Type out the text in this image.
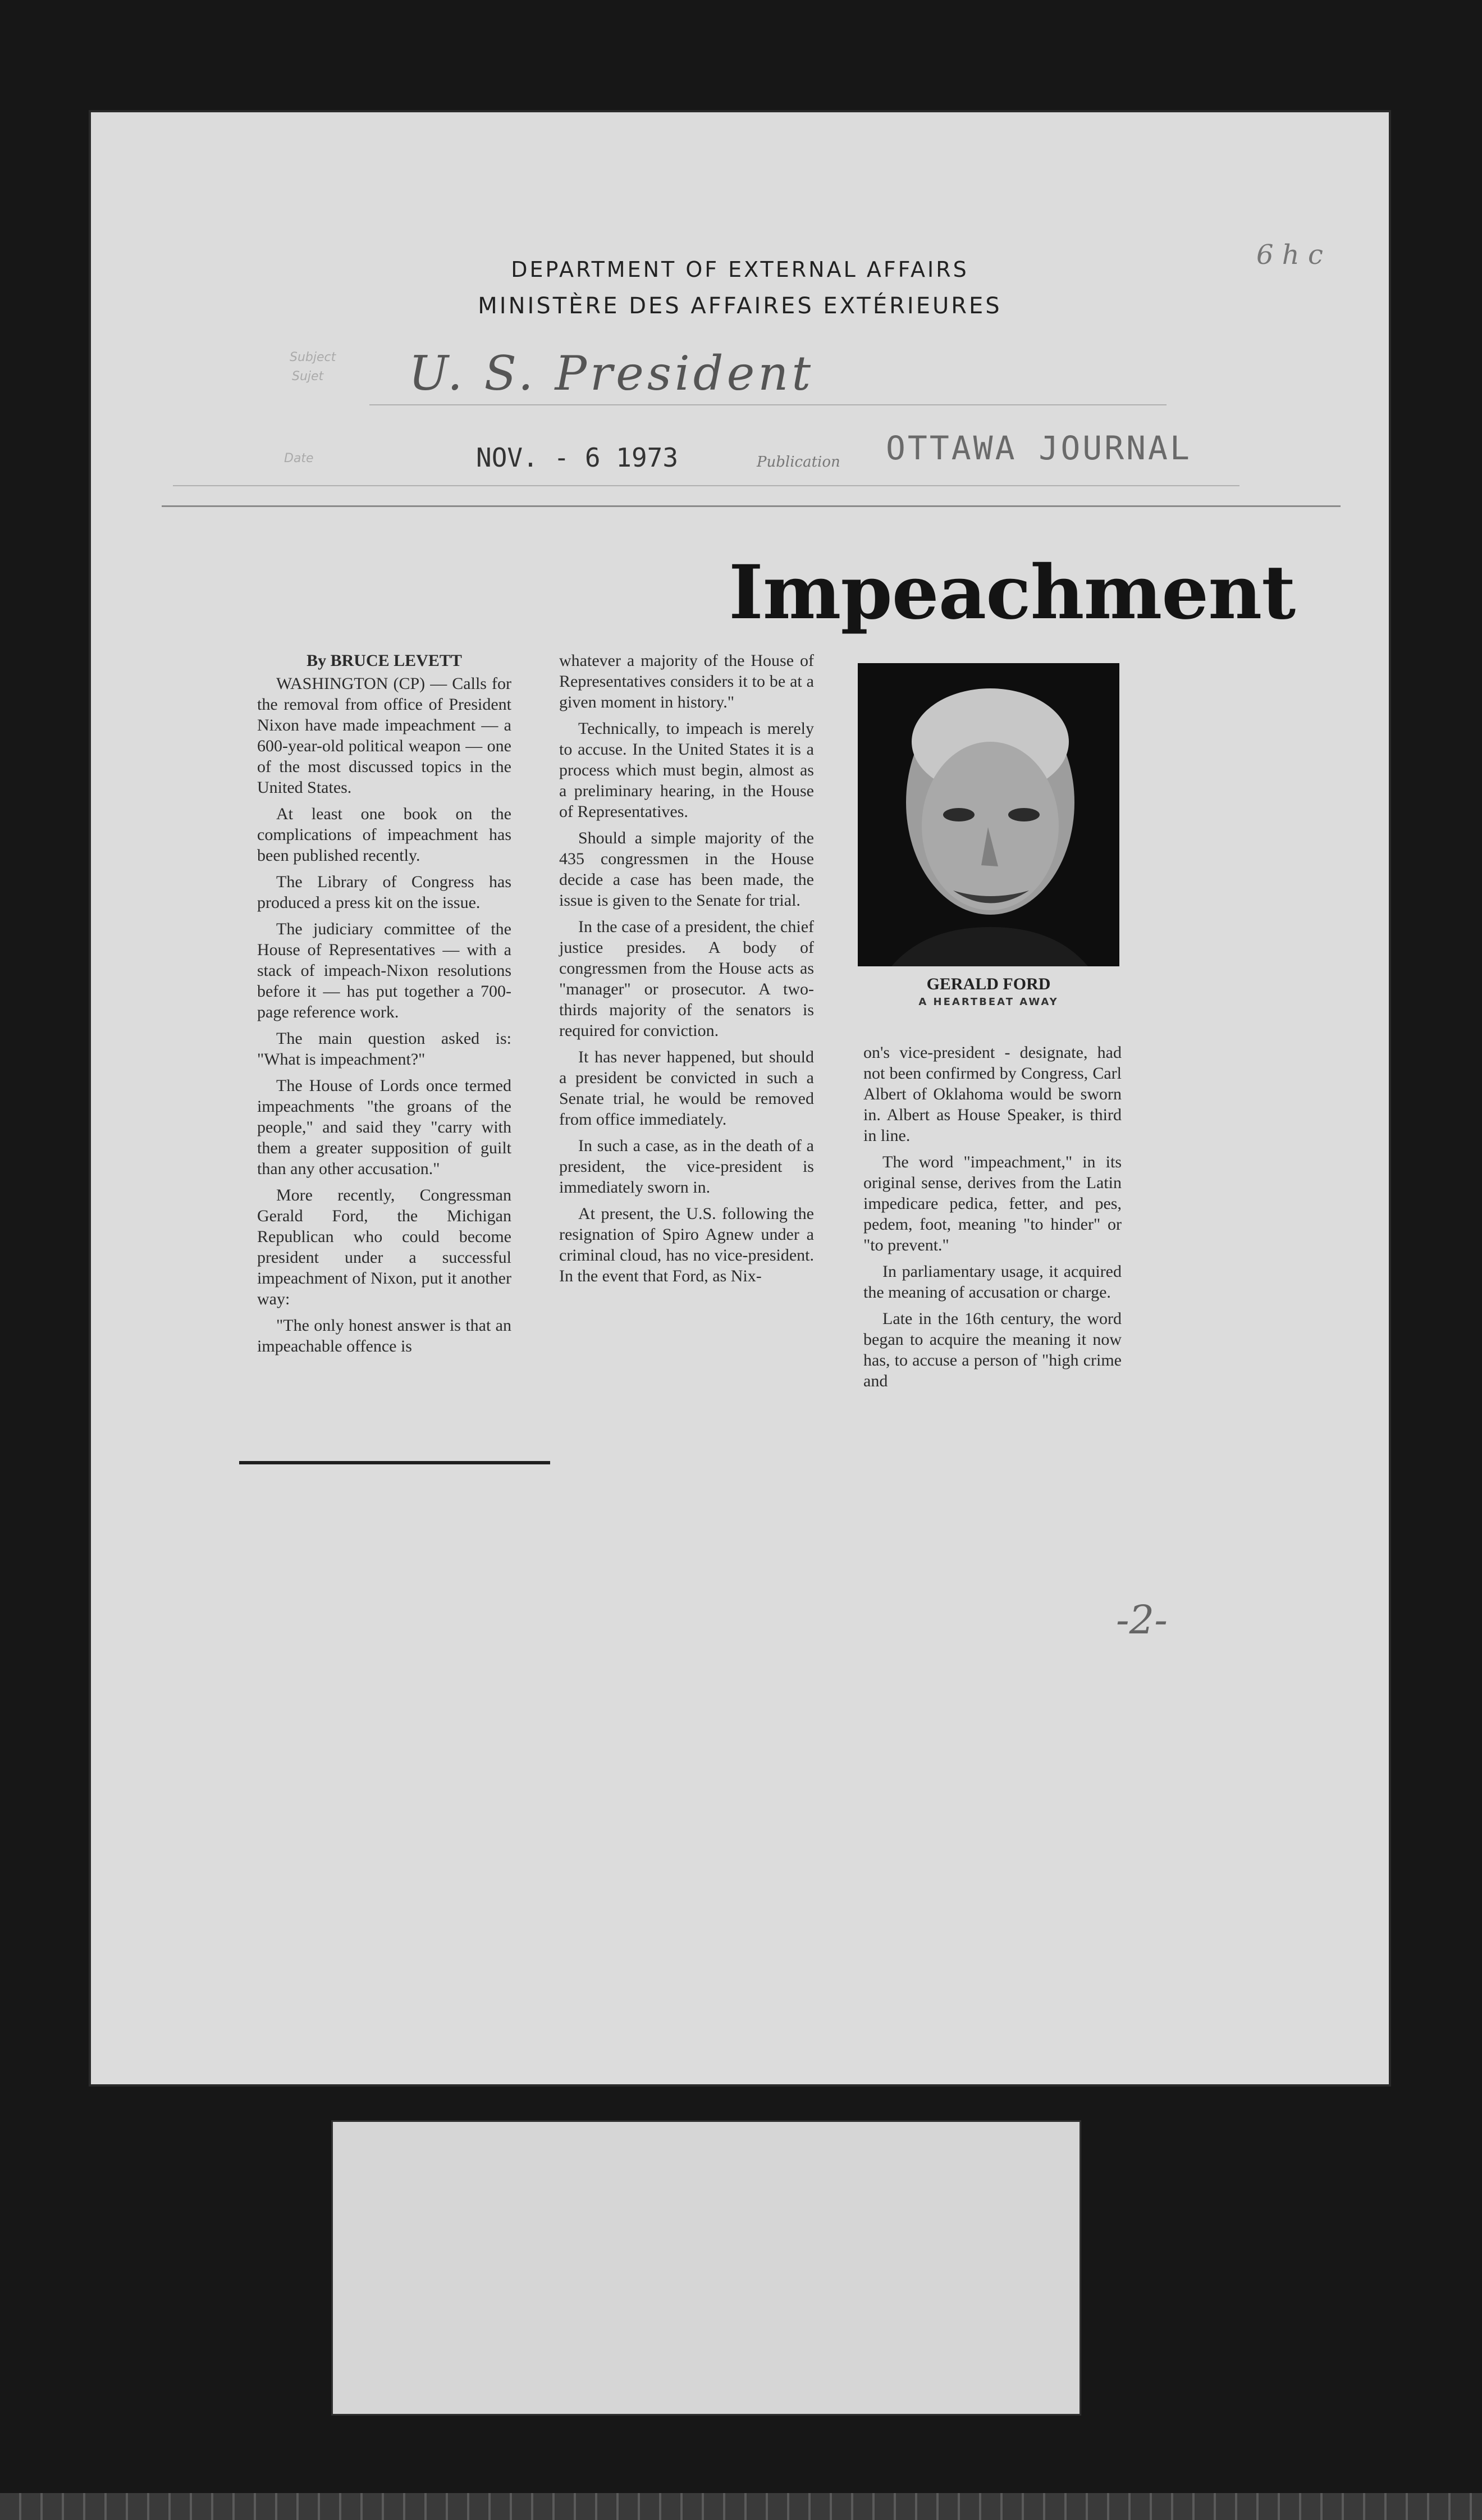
DEPARTMENT OF EXTERNAL AFFAIRS
MINISTÈRE DES AFFAIRES EXTÉRIEURES
6 h c
Subject
Sujet U. S. President
Date	NOV. - 6 1973	Publication OTTAWA JOURNAL
Impeachment

By BRUCE LEVETT

WASHINGTON (CP) — Calls for the removal from office of President Nixon have made impeachment — a 600-year-old political weapon — one of the most discussed topics in the United States.

At least one book on the complications of impeachment has been published recently.

The Library of Congress has produced a press kit on the issue.

The judiciary committee of the House of Representatives — with a stack of impeach-Nixon resolutions before it — has put together a 700-page reference work.

The main question asked is: "What is impeachment?"

The House of Lords once termed impeachments "the groans of the people," and said they "carry with them a greater supposition of guilt than any other accusation."

More recently, Congressman Gerald Ford, the Michigan Republican who could become president under a successful impeachment of Nixon, put it another way:

"The only honest answer is that an impeachable offence is

whatever a majority of the House of Representatives considers it to be at a given moment in history."

Technically, to impeach is merely to accuse. In the United States it is a process which must begin, almost as a preliminary hearing, in the House of Representatives.

Should a simple majority of the 435 congressmen in the House decide a case has been made, the issue is given to the Senate for trial.

In the case of a president, the chief justice presides. A body of congressmen from the House acts as "manager" or prosecutor. A two-thirds majority of the senators is required for conviction.

It has never happened, but should a president be convicted in such a Senate trial, he would be removed from office immediately.

In such a case, as in the death of a president, the vice-president is immediately sworn in.

At present, the U.S. following the resignation of Spiro Agnew under a criminal cloud, has no vice-president. In the event that Ford, as Nix-

GERALD FORD
A HEARTBEAT AWAY

on's vice-president - designate, had not been confirmed by Congress, Carl Albert of Oklahoma would be sworn in. Albert as House Speaker, is third in line.

The word "impeachment," in its original sense, derives from the Latin impedicare pedica, fetter, and pes, pedem, foot, meaning "to hinder" or "to prevent."

In parliamentary usage, it acquired the meaning of accusation or charge.

Late in the 16th century, the word began to acquire the meaning it now has, to accuse a person of "high crime and

-2-
